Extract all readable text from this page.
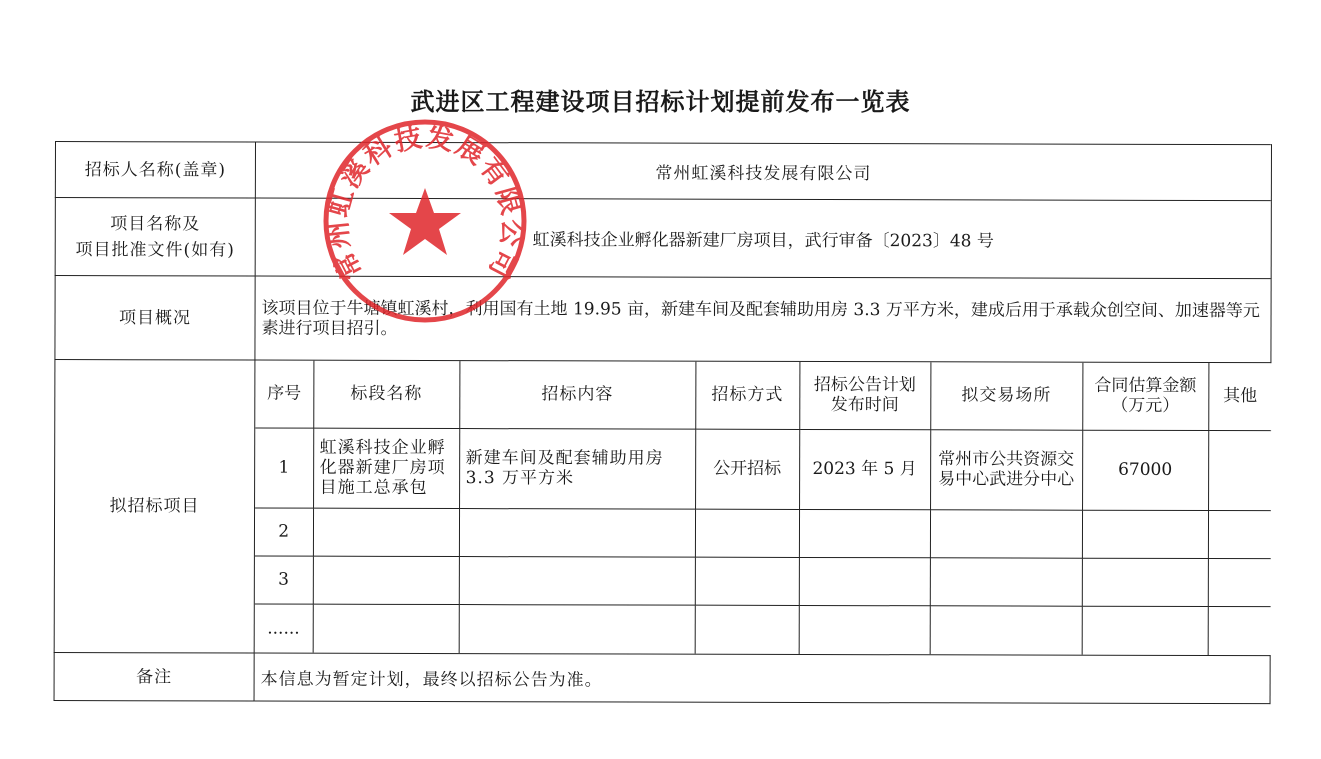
武进区工程建设项目招标计划提前发布一览表
招标人名称(盖章)	常州虹溪科技发展有限公司

项目名称及
项目批准文件(如有)	虹溪科技企业孵化器新建厂房项目，武行审备〔2023〕48 号
项目概况	该项目位于牛塘镇虹溪村，利用国有土地 19.95 亩，新建车间及配套辅助用房 3.3 万平方米，建成后用于承载众创空间、加速器等元素进行项目招引。
拟招标项目	
序号	标段名称	招标内容	招标方式	招标公告计划发布时间	拟交易场所	合同估算金额（万元）	其他
1	虹溪科技企业孵化器新建厂房项目施工总承包	新建车间及配套辅助用房 3.3 万平方米	公开招标	2023 年 5 月	常州市公共资源交易中心武进分中心	67000	
2							
3							
......							

备注	本信息为暂定计划，最终以招标公告为准。
常州虹溪科技发展有限公司
